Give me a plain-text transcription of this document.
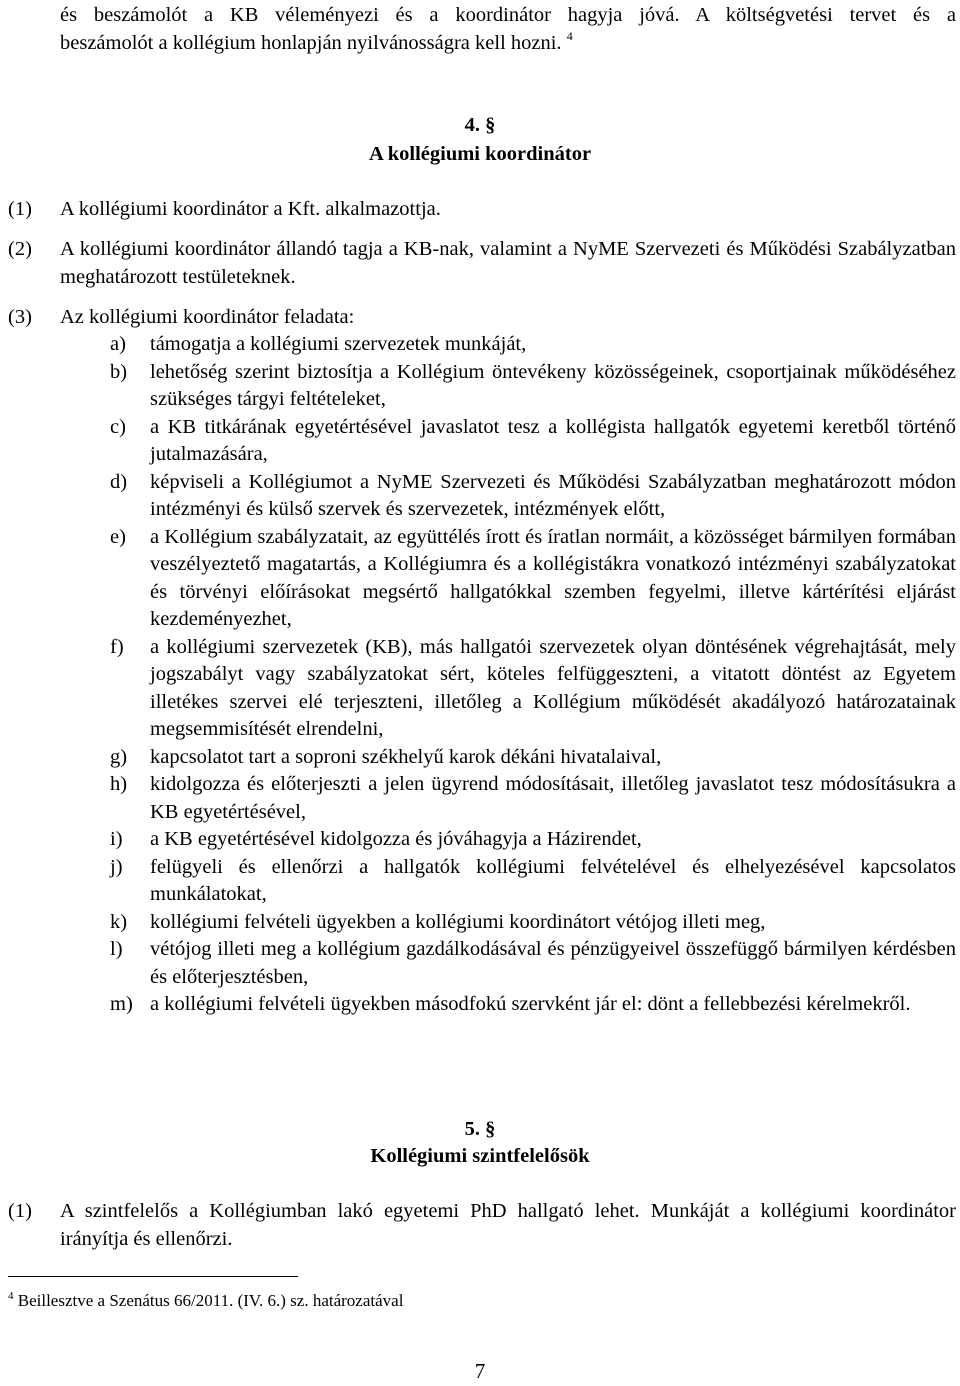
és beszámolót a KB véleményezi és a koordinátor hagyja jóvá. A költségvetési tervet és a
beszámolót a kollégium honlapján nyilvánosságra kell hozni. $^4$
4. §
A kollégiumi koordinátor
(1) A kollégiumi koordinátor a Kft. alkalmazottja.
(2) A kollégiumi koordinátor állandó tagja a KB-nak, valamint a NyME Szervezeti és Működési Szabályzatban meghatározott testületeknek.
(3) Az kollégiumi koordinátor feladata:

a) támogatja a kollégiumi szervezetek munkáját,

b) lehetőség szerint biztosítja a Kollégium öntevékeny közösségeinek, csoportjainak működéséhez szükséges tárgyi feltételeket,

c) a KB titkárának egyetértésével javaslatot tesz a kollégista hallgatók egyetemi keretből történő jutalmazására,

d) képviseli a Kollégiumot a NyME Szervezeti és Működési Szabályzatban meghatározott módon intézményi és külső szervek és szervezetek, intézmények előtt,

e) a Kollégium szabályzatait, az együttélés írott és íratlan normáit, a közösséget bármilyen formában veszélyeztető magatartás, a Kollégiumra és a kollégistákra vonatkozó intézményi szabályzatokat és törvényi előírásokat megsértő hallgatókkal szemben fegyelmi, illetve kártérítési eljárást kezdeményezhet,

f) a kollégiumi szervezetek (KB), más hallgatói szervezetek olyan döntésének végrehajtását, mely jogszabályt vagy szabályzatokat sért, köteles felfüggeszteni, a vitatott döntést az Egyetem illetékes szervei elé terjeszteni, illetőleg a Kollégium működését akadályozó határozatainak megsemmisítését elrendelni,

g) kapcsolatot tart a soproni székhelyű karok dékáni hivatalaival,

h) kidolgozza és előterjeszti a jelen ügyrend módosításait, illetőleg javaslatot tesz módosításukra a KB egyetértésével,

i) a KB egyetértésével kidolgozza és jóváhagyja a Házirendet,

j) felügyeli és ellenőrzi a hallgatók kollégiumi felvételével és elhelyezésével kapcsolatos munkálatokat,

k) kollégiumi felvételi ügyekben a kollégiumi koordinátort vétójog illeti meg,

l) vétójog illeti meg a kollégium gazdálkodásával és pénzügyeivel összefüggő bármilyen kérdésben és előterjesztésben,

m) a kollégiumi felvételi ügyekben másodfokú szervként jár el: dönt a fellebbezési kérelmekről.

5. §
Kollégiumi szintfelelősök
(1) A szintfelelős a Kollégiumban lakó egyetemi PhD hallgató lehet. Munkáját a kollégiumi koordinátor irányítja és ellenőrzi.
$^4$ Beillesztve a Szenátus 66/2011. (IV. 6.) sz. határozatával
7
